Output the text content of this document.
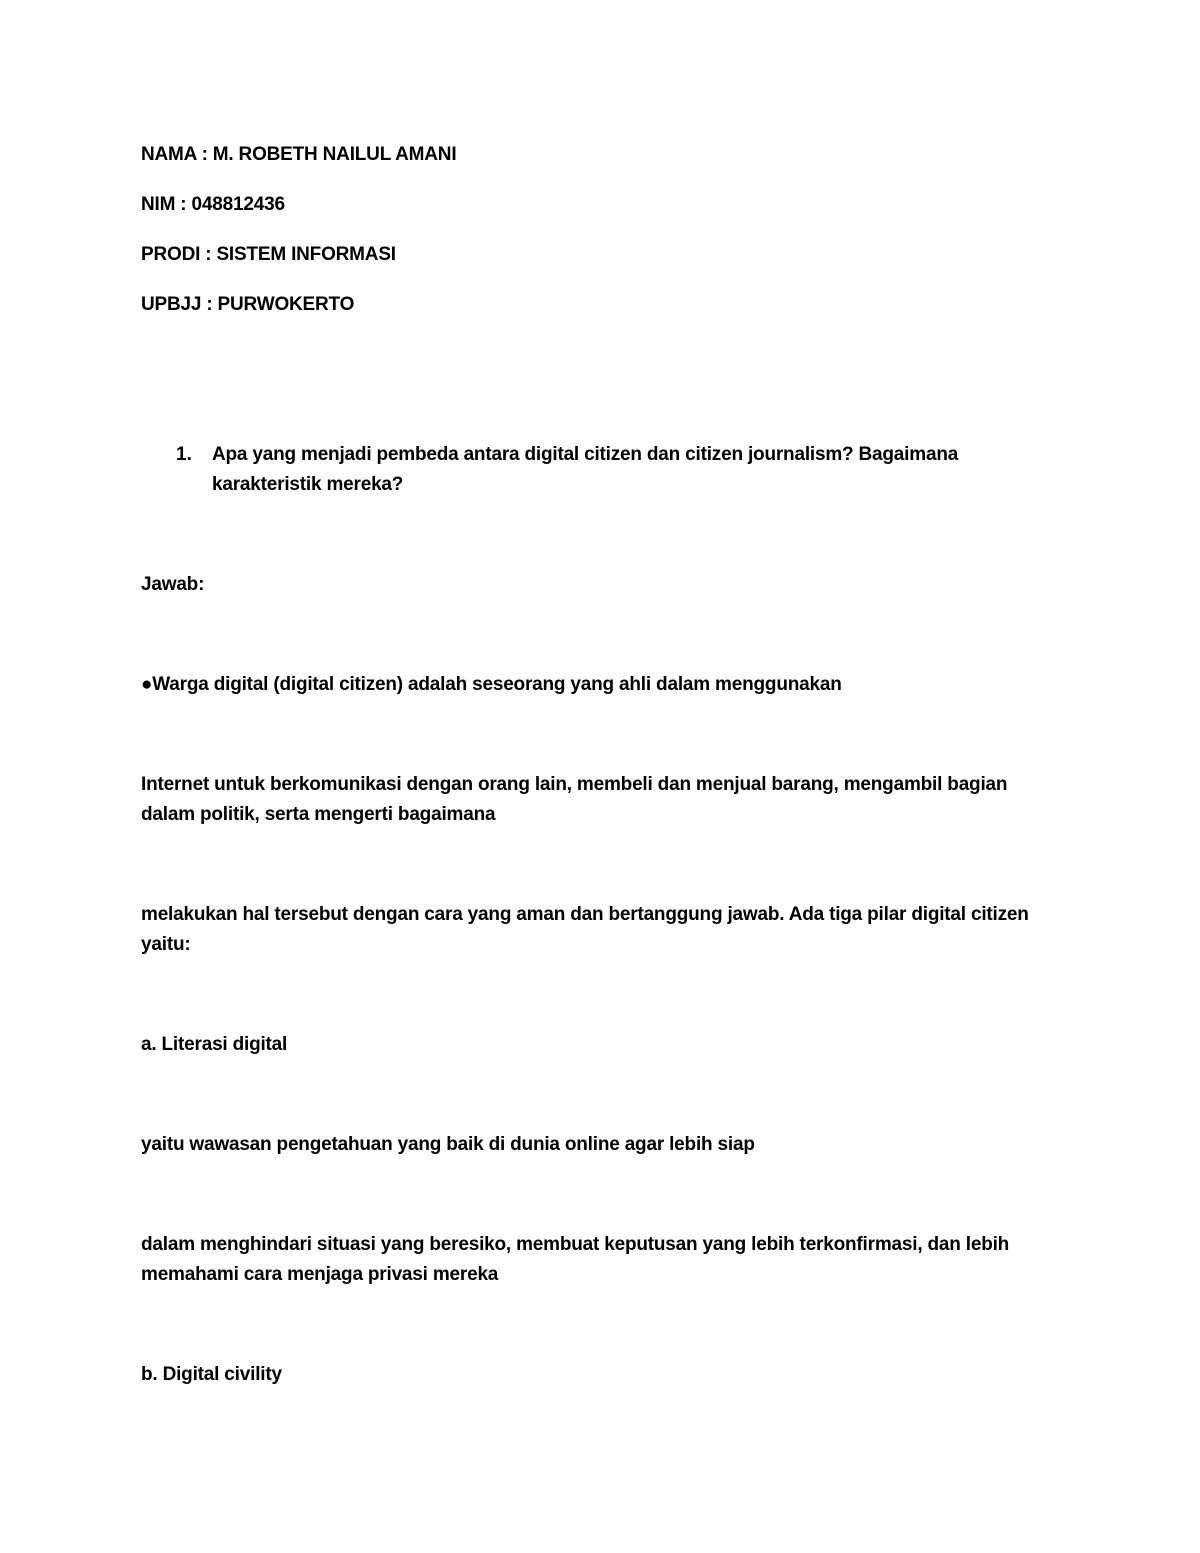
NAMA : M. ROBETH NAILUL AMANI
NIM : 048812436
PRODI : SISTEM INFORMASI
UPBJJ : PURWOKERTO
1. Apa yang menjadi pembeda antara digital citizen dan citizen journalism? Bagaimana karakteristik mereka?
Jawab:
●Warga digital (digital citizen) adalah seseorang yang ahli dalam menggunakan
Internet untuk berkomunikasi dengan orang lain, membeli dan menjual barang, mengambil bagian dalam politik, serta mengerti bagaimana
melakukan hal tersebut dengan cara yang aman dan bertanggung jawab. Ada tiga pilar digital citizen yaitu:
a. Literasi digital
yaitu wawasan pengetahuan yang baik di dunia online agar lebih siap
dalam menghindari situasi yang beresiko, membuat keputusan yang lebih terkonfirmasi, dan lebih memahami cara menjaga privasi mereka
b. Digital civility
